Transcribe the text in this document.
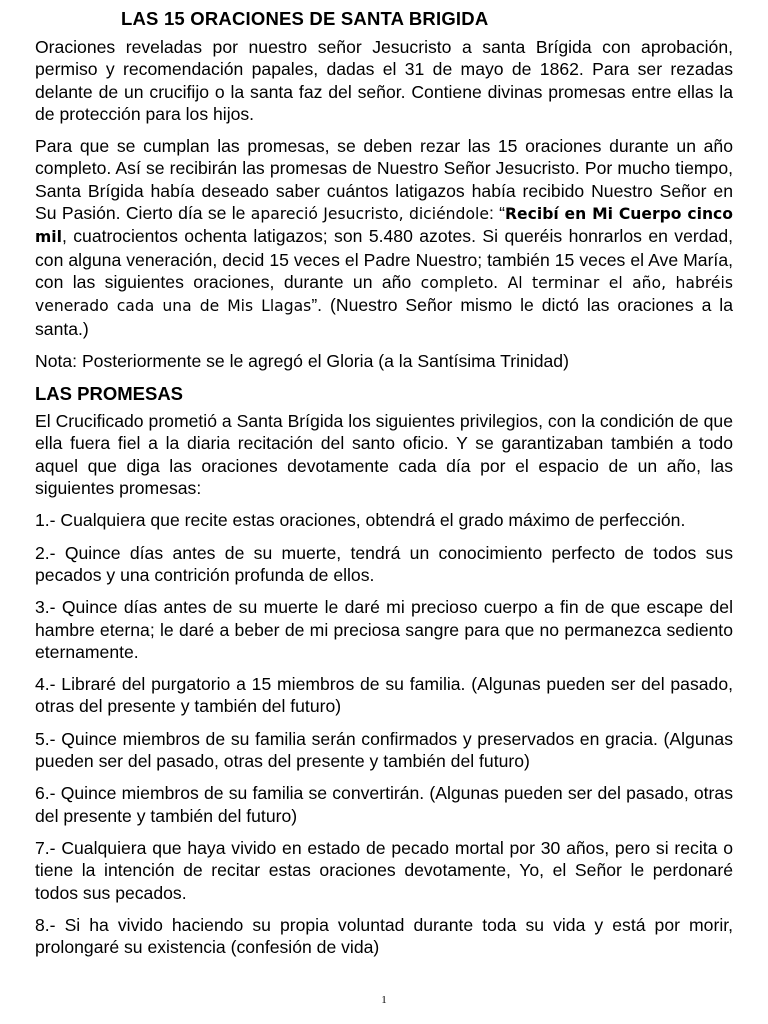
LAS 15 ORACIONES DE SANTA BRIGIDA

Oraciones reveladas por nuestro señor Jesucristo a santa Brígida con aprobación, permiso y recomendación papales, dadas el 31 de mayo de 1862. Para ser rezadas delante de un crucifijo o la santa faz del señor. Contiene divinas promesas entre ellas la de protección para los hijos.

Para que se cumplan las promesas, se deben rezar las 15 oraciones durante un año completo. Así se recibirán las promesas de Nuestro Señor Jesucristo. Por mucho tiempo, Santa Brígida había deseado saber cuántos latigazos había recibido Nuestro Señor en Su Pasión. Cierto día se le apareció Jesucristo, diciéndole: “Recibí en Mi Cuerpo cinco mil, cuatrocientos ochenta latigazos; son 5.480 azotes. Si queréis honrarlos en verdad, con alguna veneración, decid 15 veces el Padre Nuestro; también 15 veces el Ave María, con las siguientes oraciones, durante un año completo. Al terminar el año, habréis venerado cada una de Mis Llagas”. (Nuestro Señor mismo le dictó las oraciones a la santa.)

Nota: Posteriormente se le agregó el Gloria (a la Santísima Trinidad)

LAS PROMESAS

El Crucificado prometió a Santa Brígida los siguientes privilegios, con la condición de que ella fuera fiel a la diaria recitación del santo oficio. Y se garantizaban también a todo aquel que diga las oraciones devotamente cada día por el espacio de un año, las siguientes promesas:

1.- Cualquiera que recite estas oraciones, obtendrá el grado máximo de perfección.

2.- Quince días antes de su muerte, tendrá un conocimiento perfecto de todos sus pecados y una contrición profunda de ellos.

3.- Quince días antes de su muerte le daré mi precioso cuerpo a fin de que escape del hambre eterna; le daré a beber de mi preciosa sangre para que no permanezca sediento eternamente.

4.- Libraré del purgatorio a 15 miembros de su familia. (Algunas pueden ser del pasado, otras del presente y también del futuro)

5.- Quince miembros de su familia serán confirmados y preservados en gracia. (Algunas pueden ser del pasado, otras del presente y también del futuro)

6.- Quince miembros de su familia se convertirán. (Algunas pueden ser del pasado, otras del presente y también del futuro)

7.- Cualquiera que haya vivido en estado de pecado mortal por 30 años, pero si recita o tiene la intención de recitar estas oraciones devotamente, Yo, el Señor le perdonaré todos sus pecados.

8.- Si ha vivido haciendo su propia voluntad durante toda su vida y está por morir, prolongaré su existencia (confesión de vida)

1
